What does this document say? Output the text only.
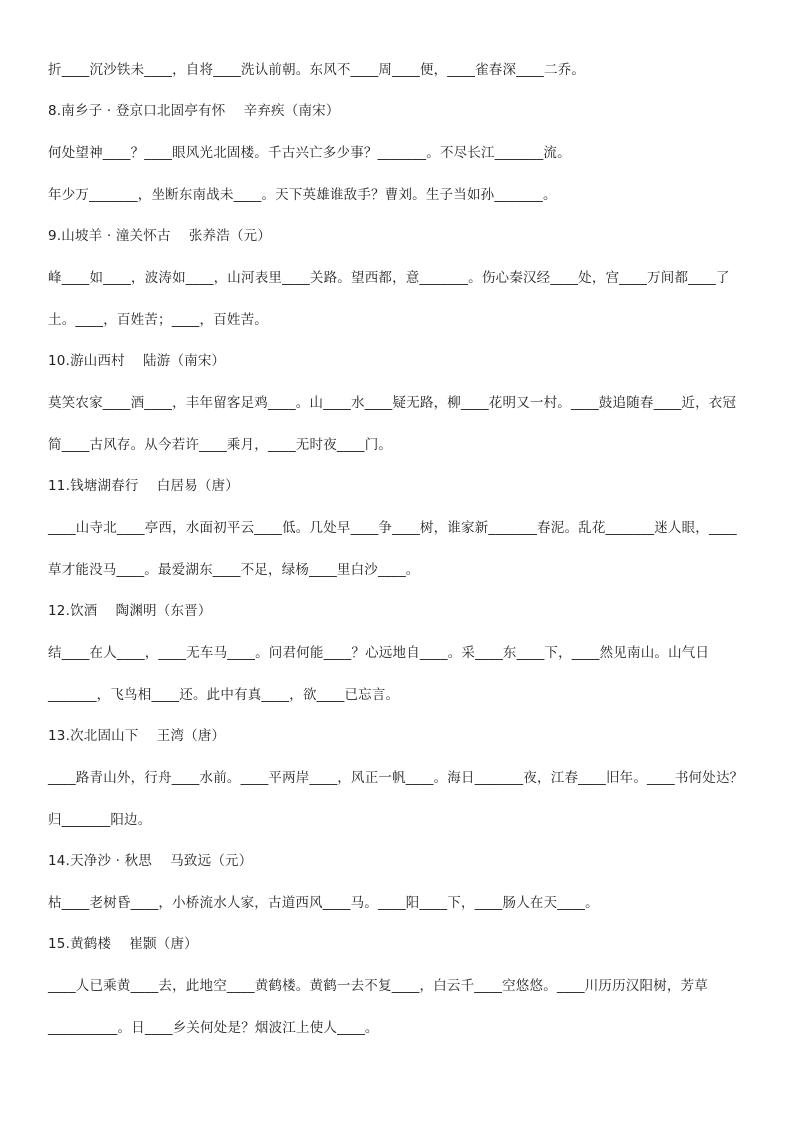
折____沉沙铁未____，自将____洗认前朝。东风不____周____便，____雀春深____二乔。
8.南乡子 · 登京口北固亭有怀　 辛弃疾（南宋）
何处望神____？____眼风光北固楼。千古兴亡多少事？_______。不尽长江_______流。
年少万_______，坐断东南战未____。天下英雄谁敌手？曹刘。生子当如孙_______。
9.山坡羊 · 潼关怀古　 张养浩（元）
峰____如____，波涛如____，山河表里____关路。望西都，意_______。伤心秦汉经____处，宫____万间都____了
土。____，百姓苦；____，百姓苦。
10.游山西村　 陆游（南宋）
莫笑农家____酒____，丰年留客足鸡____。山____水____疑无路，柳____花明又一村。____鼓追随春____近，衣冠
简____古风存。从今若许____乘月，____无时夜____门。
11.钱塘湖春行　 白居易（唐）
____山寺北____亭西，水面初平云____低。几处早____争____树，谁家新_______春泥。乱花_______迷人眼，____
草才能没马____。最爱湖东____不足，绿杨____里白沙____。
12.饮酒　 陶渊明（东晋）
结____在人____，____无车马____。问君何能____？心远地自____。采____东____下，____然见南山。山气日
_______，飞鸟相____还。此中有真____，欲____已忘言。
13.次北固山下　 王湾（唐）
____路青山外，行舟____水前。____平两岸____，风正一帆____。海日_______夜，江春____旧年。____书何处达？
归_______阳边。
14.天净沙 · 秋思　 马致远（元）
枯____老树昏____，小桥流水人家，古道西风____马。____阳____下，____肠人在天____。
15.黄鹤楼　 崔颢（唐）
____人已乘黄____去，此地空____黄鹤楼。黄鹤一去不复____，白云千____空悠悠。____川历历汉阳树，芳草
__________。日____乡关何处是？烟波江上使人____。
